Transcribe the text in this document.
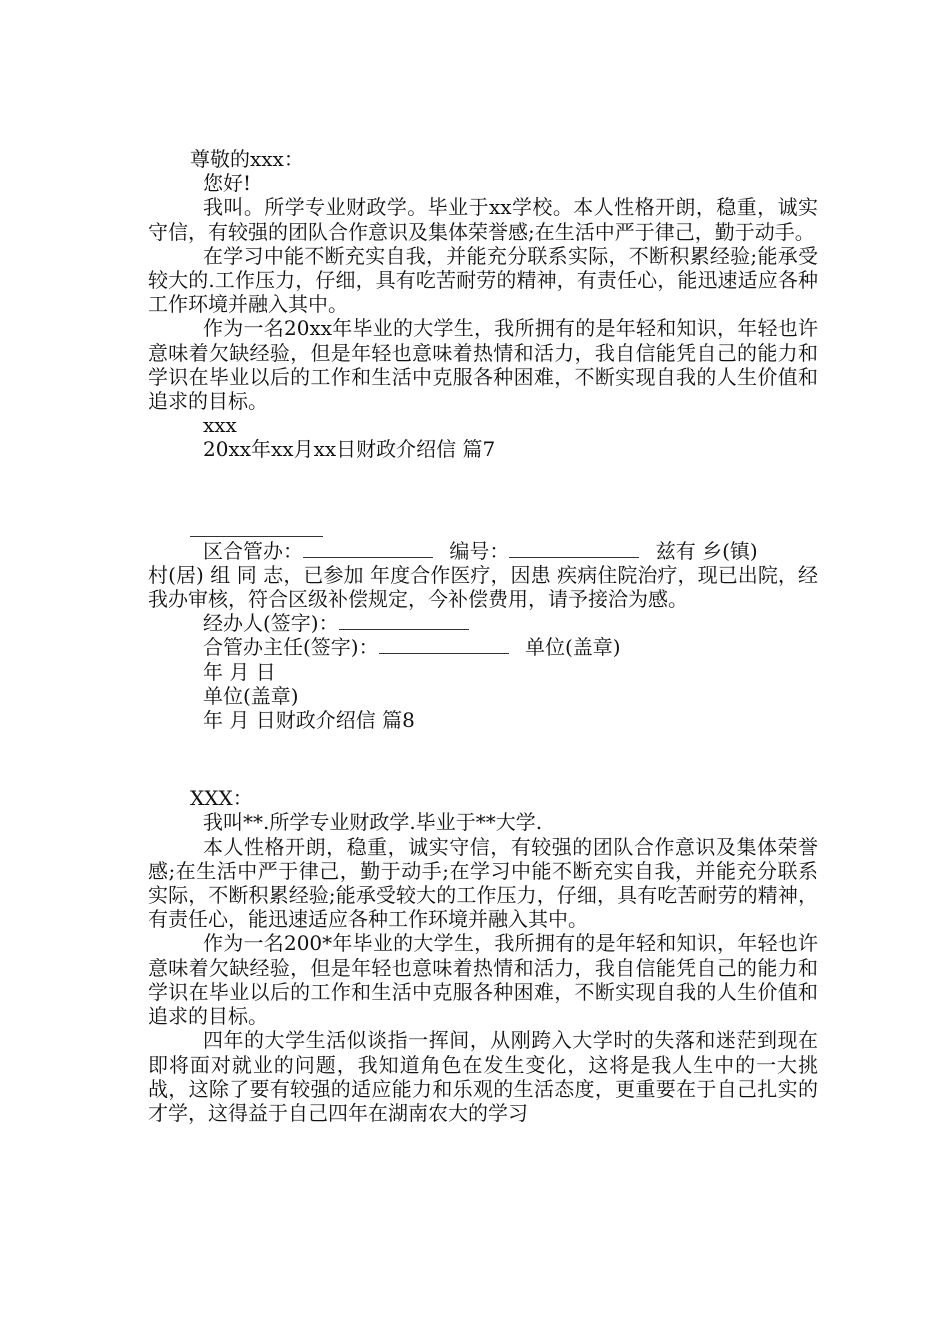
尊敬的xxx：
您好!
我叫。所学专业财政学。毕业于xx学校。本人性格开朗，稳重，诚实守信，有较强的团队合作意识及集体荣誉感;在生活中严于律己，勤于动手。
在学习中能不断充实自我，并能充分联系实际，不断积累经验;能承受较大的.工作压力，仔细，具有吃苦耐劳的精神，有责任心，能迅速适应各种工作环境并融入其中。
作为一名20xx年毕业的大学生，我所拥有的是年轻和知识，年轻也许意味着欠缺经验，但是年轻也意味着热情和活力，我自信能凭自己的能力和学识在毕业以后的工作和生活中克服各种困难，不断实现自我的人生价值和追求的目标。
xxx
20xx年xx月xx日财政介绍信 篇7
区合管办：	编号：	兹有 乡(镇)
村(居) 组 同 志，已参加 年度合作医疗，因患 疾病住院治疗，现已出院，经我办审核，符合区级补偿规定，今补偿费用，请予接洽为感。
经办人(签字)：
合管办主任(签字)：	单位(盖章)
年 月 日
单位(盖章)
年 月 日财政介绍信 篇8
XXX：
我叫**.所学专业财政学.毕业于**大学.
本人性格开朗，稳重，诚实守信，有较强的团队合作意识及集体荣誉感;在生活中严于律己，勤于动手;在学习中能不断充实自我，并能充分联系实际，不断积累经验;能承受较大的工作压力，仔细，具有吃苦耐劳的精神，有责任心，能迅速适应各种工作环境并融入其中。
作为一名200*年毕业的大学生，我所拥有的是年轻和知识，年轻也许意味着欠缺经验，但是年轻也意味着热情和活力，我自信能凭自己的能力和学识在毕业以后的工作和生活中克服各种困难，不断实现自我的人生价值和追求的目标。
四年的大学生活似谈指一挥间，从刚跨入大学时的失落和迷茫到现在即将面对就业的问题，我知道角色在发生变化，这将是我人生中的一大挑战，这除了要有较强的适应能力和乐观的生活态度，更重要在于自己扎实的才学，这得益于自己四年在湖南农大的学习
